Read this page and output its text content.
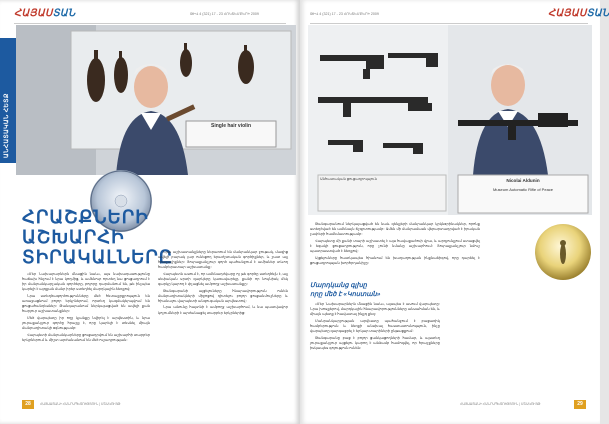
ՀԱՅԱՍՏԱՆ	ԹԻՎ 4 (321) 17 - 23 ՀՈԿՏԵՄԲԵՐԻ 2009
ԱՆՀԱՏԱԿԱՆ ՀԵՏՔ	Single hair violin
ՀՐԱՇՔՆԵՐԻ
ԱՇԽԱՐՀԻ
ՏԻՐԱԿԱԼՆԵՐԸ

«Մեր Նախարարներն մնացին նաև», այս նախադասությունը հաճախ հնչում է նրա կողմից, և ամենուր որտեղ նա ցուցադրում է իր մանրանկարչական գործերը, բոլորը դարմանում են, թե ինչպես կարելի է այդքան մանր իրեր ստեղծել մարդկային ձեռքով։

Նրա ստեղծագործությունները մեծ հետաքրքրություն են առաջացնում բոլոր երկրներում, որտեղ կազմակերպվում են ցուցահանդեսներ։ Թանգարանում ներկայացված են ավելի քան հարյուր աշխատանքներ։

Մեծ վարպետը իր ողջ կյանքը նվիրել է արվեստին, և նրա յուրաքանչյուր գործը հրաշք է, որը կարելի է տեսնել միայն մանրադիտակի օգնությամբ։

Վարպետի մանրանկարները ցուցադրվում են աշխարհի տարբեր երկրներում և միշտ արժանանում են մեծ ուշադրության։

Նրա աշխատանքները ներառում են մանրանկար ջութակ, մազից ավելի բարակ լար ունեցող երաժշտական գործիքներ, և շատ այլ հրաշալիքներ։ Յուրաքանչյուր գործ պահանջում է ամիսներ տևող համբերատար աշխատանք։

Վարպետն ասում է, որ ամենադժվարը ոչ թե գործը ստեղծելն է, այլ սեփական սրտի զարկերը կառավարելը, քանի որ նույնիսկ մեկ զարկը կարող է փչացնել ամբողջ աշխատանքը։

Թանգարանի այցելուները հնարավորություն ունեն մանրադիտակների միջոցով դիտելու բոլոր ցուցանմուշները և հիանալու վարպետի անզուգական արվեստով։

Նրա անունը հայտնի է ամբողջ աշխարհում, և նա պատվավոր կոչումների է արժանացել տարբեր երկրներից։

28	ՀԱՅԱՍՏԱՆԻ ՀԱՆՐԱՊԵՏՈՒԹՅՈՒՆ | ՄՇԱԿՈՒՅԹ
ԹԻՎ 4 (321) 17 - 23 ՀՈԿՏԵՄԲԵՐԻ 2009	ՀԱՅԱՍՏԱՆ
Անհատական ցուցադրություն	Nicolai Aldunin
Museum Automatic Rifle of Peace

Թանգարանում ներկայացված են նաև զենքերի մանրանկար կրկնօրինակներ, որոնք ստեղծված են ամենայն ճշգրտությամբ։ Ամեն մի մանրամասն վերարտադրված է իրական չափերի համեմատությամբ։

Վարպետը մի քանի տարի աշխատել է այս հավաքածուի վրա, և արդյունքում ստացվել է եզակի ցուցադրություն, որը չունի նմանը աշխարհում։ Յուրաքանչյուր նմուշ պատրաստված է ձեռքով։

Այցելուները հատկապես հիանում են խաղաղության ինքնաձիգով, որը դարձել է ցուցադրության խորհրդանիշը։

Մարդկանց գլխը
որը մեծ է «Կոստան»

«Մեր Նախարարներն մնացին նաև», այսպես է ասում վարպետը։ Նրա խոսքերով, մարդկային հնարավորությունները անսահման են, և միայն պետք է հավատալ ինքդ քեզ։

Մանրանկարչության արվեստը պահանջում է բացառիկ համբերություն և ձեռքի անսխալ հաստատունություն, ինչը վարպետը զարգացրել է երկար տարիների ընթացքում։

Թանգարանը բաց է բոլոր ցանկացողների համար, և այստեղ յուրաքանչյուր այցելու կարող է անձամբ համոզվել, որ հրաշքները իսկապես գոյություն ունեն։

ՀԱՅԱՍՏԱՆԻ ՀԱՆՐԱՊԵՏՈՒԹՅՈՒՆ | ՄՇԱԿՈՒՅԹ	29
